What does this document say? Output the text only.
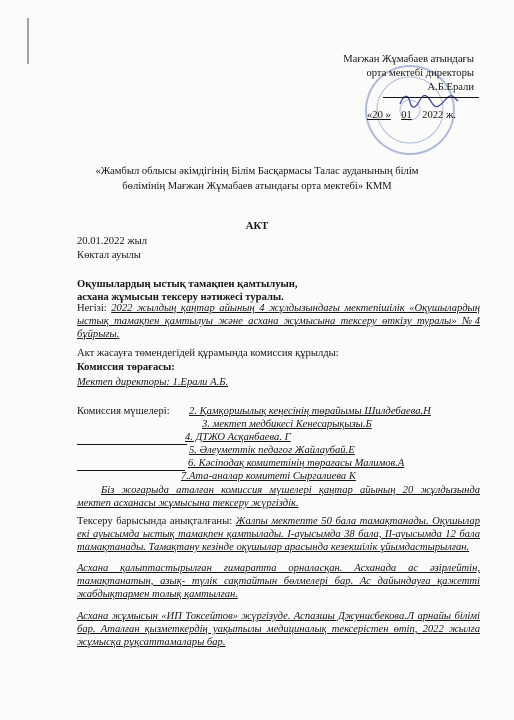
Мағжан Жұмабаев атындағы
орта мектебі директоры
А.Б.Ерали
«20 » 01 2022 ж.
«Жамбыл облысы әкімдігінің Білім Басқармасы Талас ауданының білім
бөлімінің Мағжан Жұмабаев атындағы орта мектебі» КММ
АКТ
20.01.2022 жыл
Көктал ауылы
Оқушылардың ыстық тамақпен қамтылуын,
асхана жұмысын тексеру нәтижесі туралы.
Негізі: 2022 жылдың қаңтар айының 4 жұлдызындағы мектепішілік «Оқушылардың ыстық тамақпен қамтылуы және асхана жұмысына тексеру өткізу туралы» №4 бұйрығы.
Акт жасауға төмендегідей құрамында комиссия құрылды:
Комиссия төрағасы:
Мектеп директоры: 1.Ерали А.Б.
Комиссия мүшелері: 2. Қамқоршылық кеңесінің төрайымы Шилдебаева.Н
3. мектеп медбикесі Кенесарықызы.Б
4. ДТЖО Асқанбаева. Г
5. Әлеуметтік педагог Жайлаубай.Е
6. Кәсіподақ комитетінің төрағасы Малимов.А
7.Ата-аналар комитеті Сыргалиева К
Біз жоғарыда аталған комиссия мүшелері қаңтар айының 20 жұлдызында мектеп асханасы жұмысына тексеру жүргіздік.
Тексеру барысында анықталғаны: Жалпы мектепте 50 бала тамақтанады. Оқушылар екі ауысымда ыстық тамақпен қамтылады. I-ауысымда 38 бала, II-ауысымда 12 бала тамақтанады. Тамақтану кезінде оқушылар арасында кезекшілік ұйымдастырылған.
Асхана қалыптастырылған ғимаратта орналасқан. Асханада ас әзірлейтін, тамақтанатын, азық- түлік сақтайтын бөлмелері бар. Ас дайындауға қажетті жабдықтармен толық қамтылған.
Асхана жұмысын «ИП Токсейтов» жүргізуде. Аспазшы Джунисбекова.Л арнайы білімі бар. Аталған қызметкердің уақытылы медициналық тексерістен өтіп, 2022 жылға жұмысқа рұқсаттамалары бар.
